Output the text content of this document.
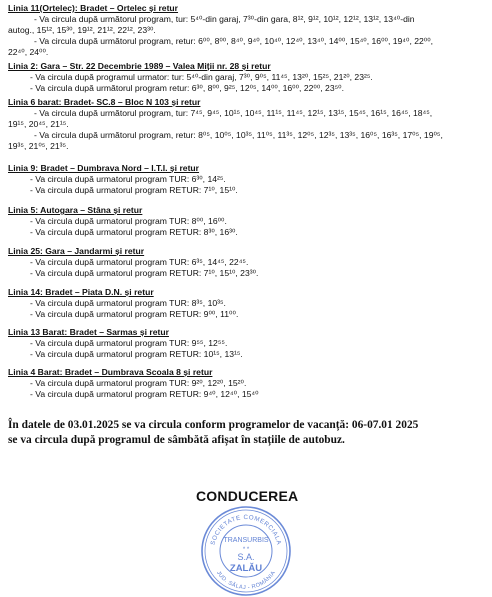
Linia 11(Ortelec): Bradet – Ortelec și retur
- Va circula după următorul program, tur: 5⁴⁰-din garaj, 7³⁰-din gara, 8¹², 9¹², 10¹², 12¹², 13¹², 13⁴⁰-din
autog., 15¹², 15³⁰, 19¹², 21¹², 22¹², 23³⁰.
- Va circula după următorul program, retur: 6⁰⁰, 8⁰⁰, 8⁴⁰, 9⁴⁰, 10⁴⁰, 12⁴⁰, 13⁴⁰, 14⁰⁰, 15⁴⁰, 16⁰⁰, 19⁴⁰, 22⁰⁰,
22⁴⁰, 24⁰⁰.
Linia 2: Gara – Str. 22 Decembrie 1989 – Valea Miții nr. 28 și retur
- Va circula după programul urmator: tur: 5⁴⁰-din garaj, 7³⁰, 9⁰⁵, 11⁴⁵, 13²⁰, 15²⁵, 21²⁰, 23²⁵.
- Va circula după următorul program retur: 6³⁰, 8⁰⁰, 9²⁵, 12⁰⁵, 14⁰⁰, 16⁰⁰, 22⁰⁰, 23⁵⁰.
Linia 6 barat: Bradet- SC.8 – Bloc N 103 și retur
- Va circula după următorul program, tur: 7⁴⁵, 9⁴⁵, 10¹⁵, 10⁴⁵, 11¹⁵, 11⁴⁵, 12¹⁵, 13¹⁵, 15⁴⁵, 16¹⁵, 16⁴⁵, 18⁴⁵,
19¹⁵, 20⁴⁵, 21¹⁵.
- Va circula după următorul program, retur: 8⁰⁵, 10⁰⁵, 10³⁵, 11⁰⁵, 11³⁵, 12⁰⁵, 12³⁵, 13³⁵, 16⁰⁵, 16³⁵, 17⁰⁵, 19⁰⁵,
19³⁵, 21⁰⁵, 21³⁵.
Linia 9: Bradet – Dumbrava Nord – I.T.I. și retur
- Va circula după urmatorul program TUR: 6³⁰, 14²⁵.
- Va circula după urmatorul program RETUR: 7¹⁰, 15¹⁰.
Linia 5: Autogara – Stâna și retur
- Va circula după urmatorul program TUR: 8⁰⁰, 16⁰⁰.
- Va circula după urmatorul program RETUR: 8³⁰, 16³⁰.
Linia 25: Gara – Jandarmi și retur
- Va circula după urmatorul program TUR: 6³⁵, 14⁴⁵, 22⁴⁵.
- Va circula după urmatorul program RETUR: 7¹⁰, 15¹⁰, 23³⁰.
Linia 14: Bradet – Piata D.N. și retur
- Va circula după urmatorul program TUR: 8³⁵, 10³⁵.
- Va circula după urmatorul program RETUR: 9⁰⁰, 11⁰⁰.
Linia 13 Barat: Bradet – Sarmas și retur
- Va circula după urmatorul program TUR: 9⁵⁵, 12⁵⁵.
- Va circula după urmatorul program RETUR: 10¹⁵, 13¹⁵.
Linia 4 Barat: Bradet – Dumbrava Scoala 8 și retur
- Va circula după urmatorul program TUR: 9²⁰, 12²⁰, 15²⁰.
- Va circula după urmatorul program RETUR: 9⁴⁰, 12⁴⁰, 15⁴⁰
În datele de 03.01.2025 se va circula conform programelor de vacanță: 06-07.01 2025
se va circula după programul de sâmbătă afișat în stațiile de autobuz.
CONDUCEREA
SOCIETATE COMERCIALA
JUD. SĂLAJ - ROMÂNIA
TRANSURBIS
* *
S.A.
ZALĂU
